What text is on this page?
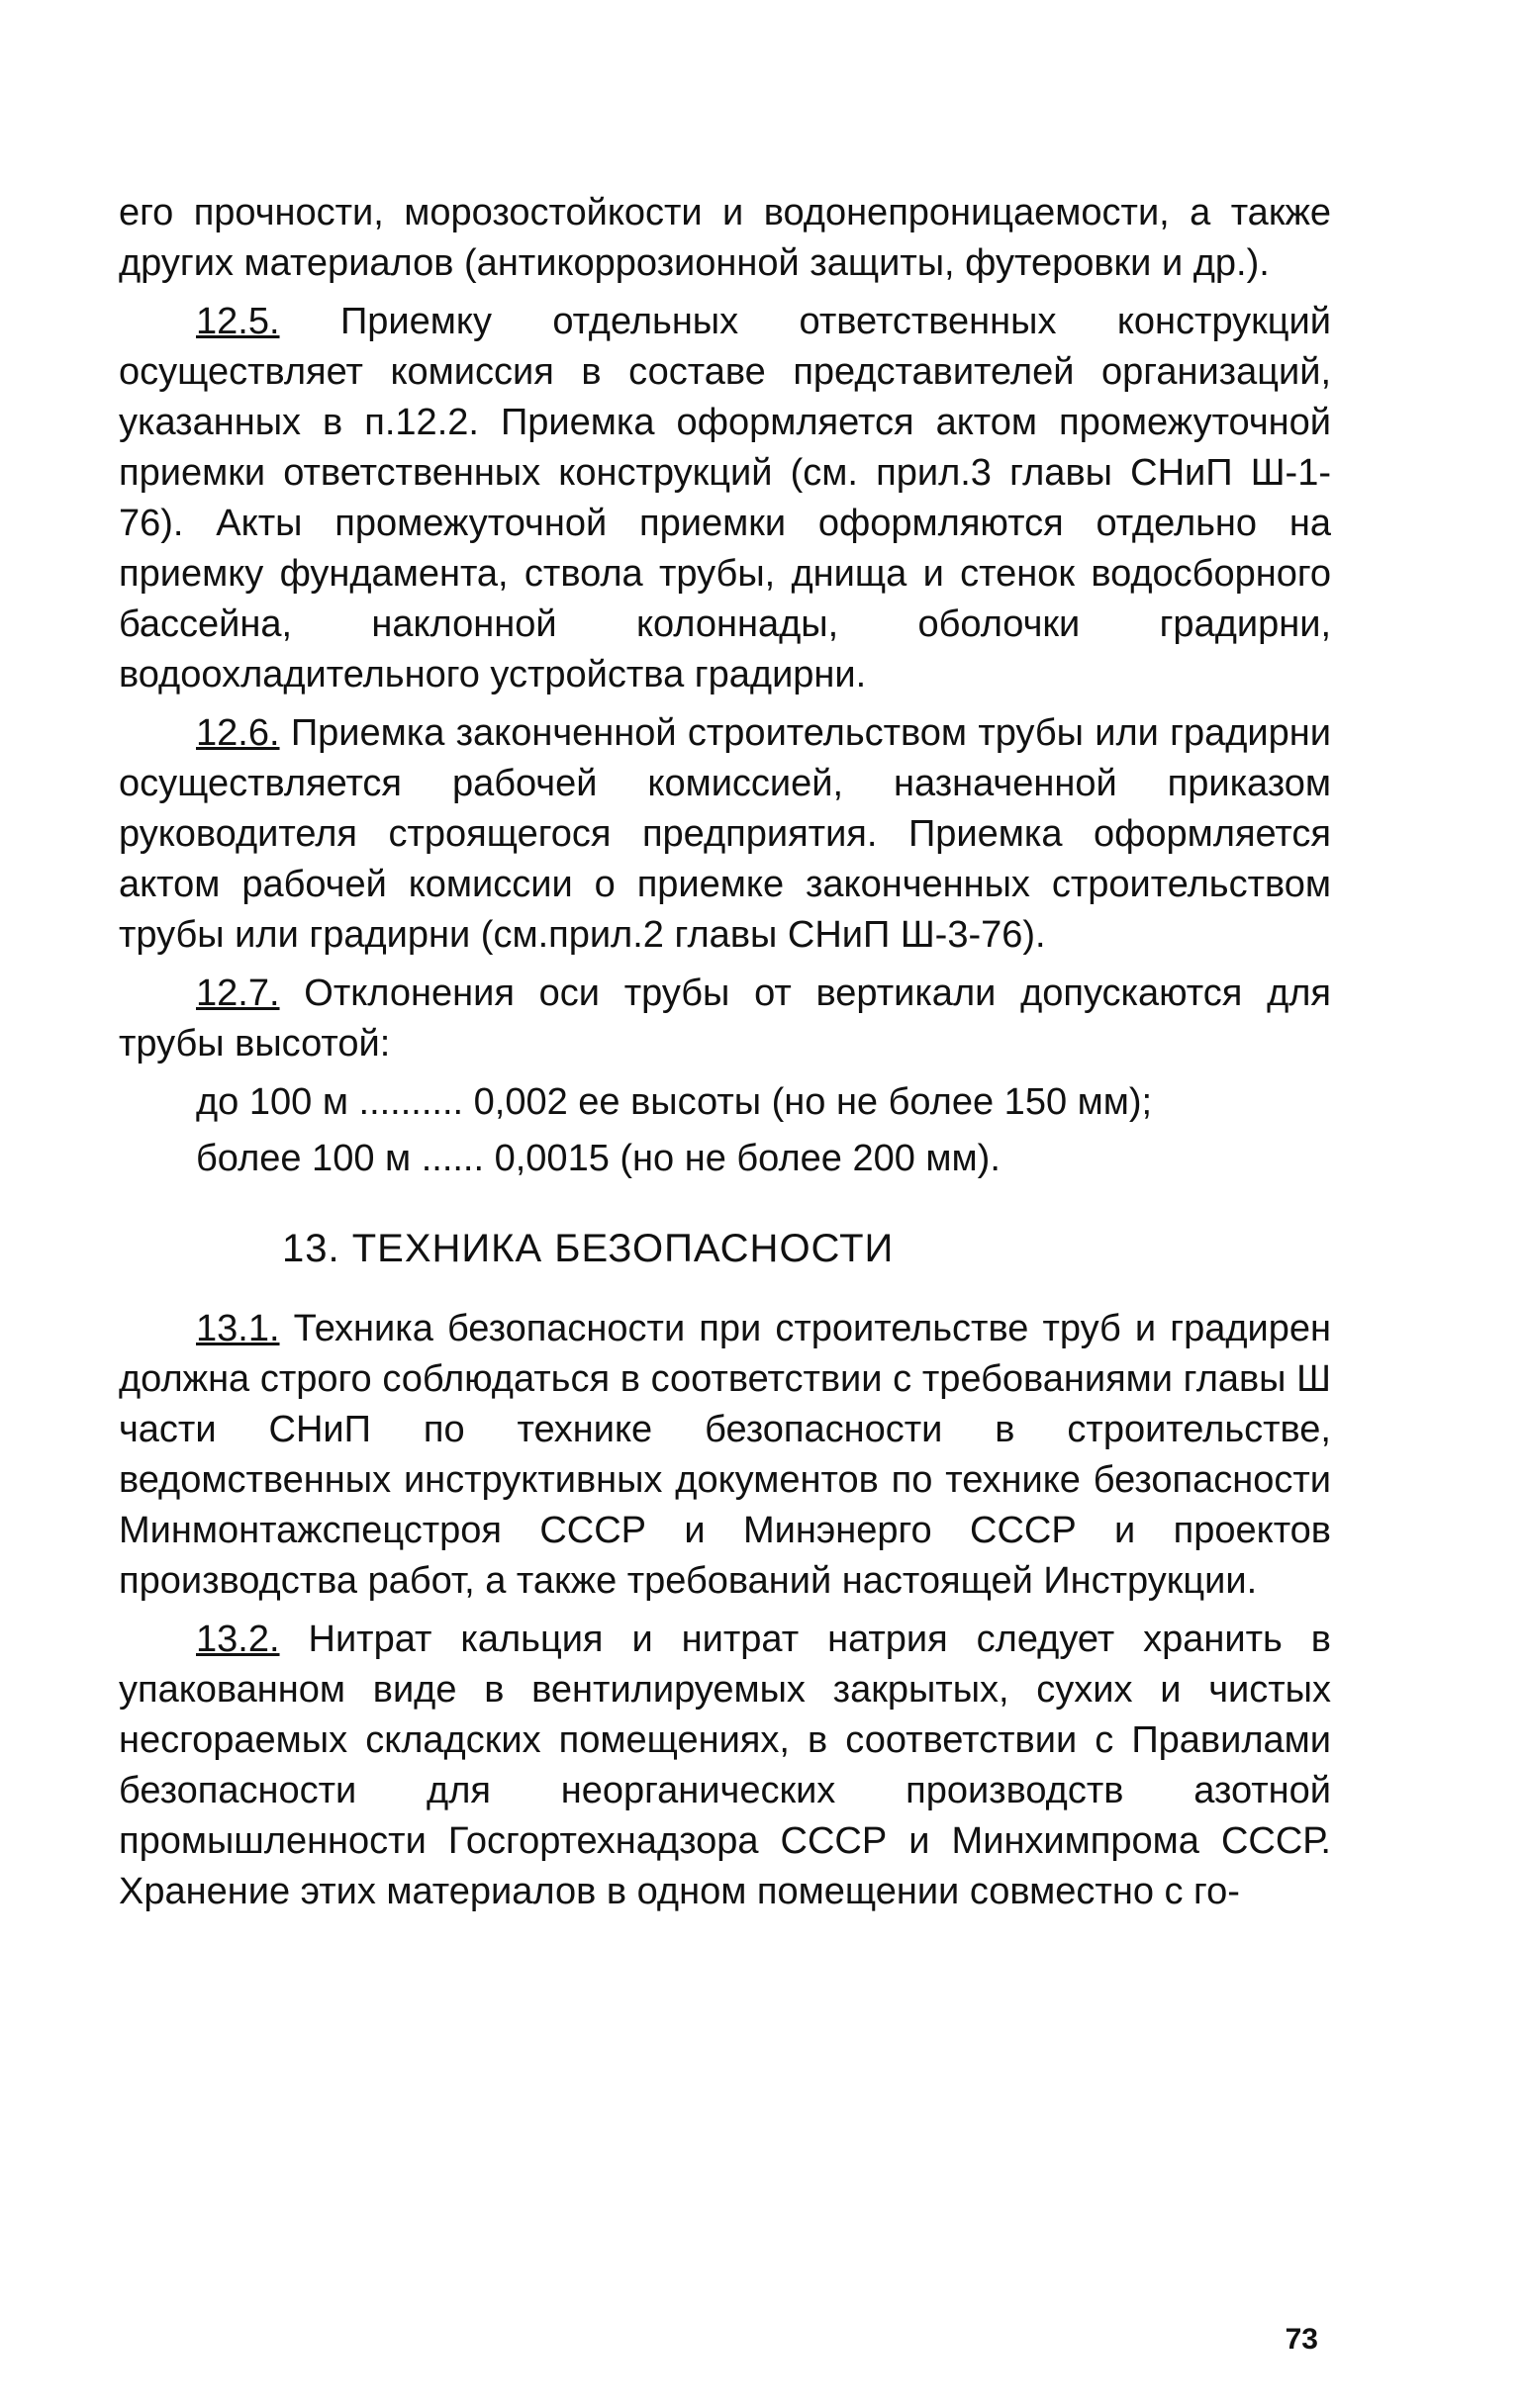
его прочности, морозостойкости и водонепроницаемости, а также других материалов (антикоррозионной защиты, футеровки и др.).

12.5. Приемку отдельных ответственных конструкций осуществляет комиссия в составе представителей организаций, указанных в п.12.2. Приемка оформляется актом промежуточной приемки ответственных конструкций (см. прил.3 главы СНиП Ш-1-76). Акты промежуточной приемки оформляются отдельно на приемку фундамента, ствола трубы, днища и стенок водосборного бассейна, наклонной колоннады, оболочки градирни, водоохладительного устройства градирни.

12.6. Приемка законченной строительством трубы или градирни осуществляется рабочей комиссией, назначенной приказом руководителя строящегося предприятия. Приемка оформляется актом рабочей комиссии о приемке законченных строительством трубы или градирни (см.прил.2 главы СНиП Ш-3-76).

12.7. Отклонения оси трубы от вертикали допускаются для трубы высотой:

до 100 м .......... 0,002 ее высоты (но не более 150 мм);

более 100 м ...... 0,0015 (но не более 200 мм).

13. ТЕХНИКА БЕЗОПАСНОСТИ

13.1. Техника безопасности при строительстве труб и градирен должна строго соблюдаться в соответствии с требованиями главы Ш части СНиП по технике безопасности в строительстве, ведомственных инструктивных документов по технике безопасности Минмонтажспецстроя СССР и Минэнерго СССР и проектов производства работ, а также требований настоящей Инструкции.

13.2. Нитрат кальция и нитрат натрия следует хранить в упакованном виде в вентилируемых закрытых, сухих и чистых несгораемых складских помещениях, в соответствии с Правилами безопасности для неорганических производств азотной промышленности Госгортехнадзора СССР и Минхимпрома СССР. Хранение этих материалов в одном помещении совместно с го-

73
